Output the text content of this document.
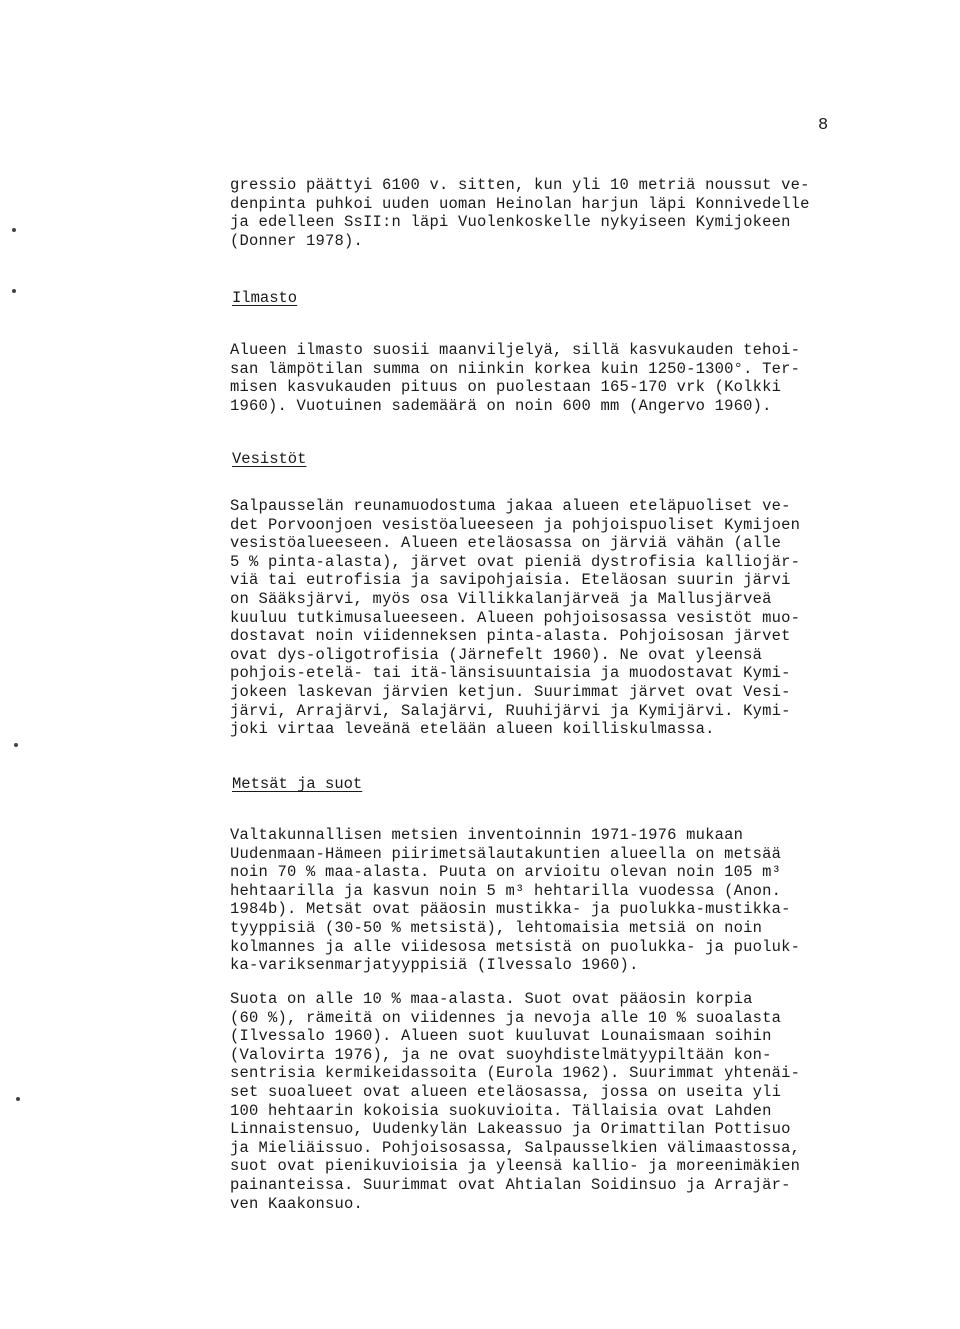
8
gressio päättyi 6100 v. sitten, kun yli 10 metriä noussut ve-
denpinta puhkoi uuden uoman Heinolan harjun läpi Konnivedelle
ja edelleen SsII:n läpi Vuolenkoskelle nykyiseen Kymijokeen
(Donner 1978).
Ilmasto
Alueen ilmasto suosii maanviljelyä, sillä kasvukauden tehoi-
san lämpötilan summa on niinkin korkea kuin 1250-1300°. Ter-
misen kasvukauden pituus on puolestaan 165-170 vrk (Kolkki
1960). Vuotuinen sademäärä on noin 600 mm (Angervo 1960).
Vesistöt
Salpausselän reunamuodostuma jakaa alueen eteläpuoliset ve-
det Porvoonjoen vesistöalueeseen ja pohjoispuoliset Kymijoen
vesistöalueeseen. Alueen eteläosassa on järviä vähän (alle
5 % pinta-alasta), järvet ovat pieniä dystrofisia kalliojär-
viä tai eutrofisia ja savipohjaisia. Eteläosan suurin järvi
on Sääksjärvi, myös osa Villikkalanjärveä ja Mallusjärveä
kuuluu tutkimusalueeseen. Alueen pohjoisosassa vesistöt muo-
dostavat noin viidenneksen pinta-alasta. Pohjoisosan järvet
ovat dys-oligotrofisia (Järnefelt 1960). Ne ovat yleensä
pohjois-etelä- tai itä-länsisuuntaisia ja muodostavat Kymi-
jokeen laskevan järvien ketjun. Suurimmat järvet ovat Vesi-
järvi, Arrajärvi, Salajärvi, Ruuhijärvi ja Kymijärvi. Kymi-
joki virtaa leveänä etelään alueen koilliskulmassa.
Metsät ja suot
Valtakunnallisen metsien inventoinnin 1971-1976 mukaan
Uudenmaan-Hämeen piirimetsälautakuntien alueella on metsää
noin 70 % maa-alasta. Puuta on arvioitu olevan noin 105 m³
hehtaarilla ja kasvun noin 5 m³ hehtarilla vuodessa (Anon.
1984b). Metsät ovat pääosin mustikka- ja puolukka-mustikka-
tyyppisiä (30-50 % metsistä), lehtomaisia metsiä on noin
kolmannes ja alle viidesosa metsistä on puolukka- ja puoluk-
ka-variksenmarjatyyppisiä (Ilvessalo 1960).
Suota on alle 10 % maa-alasta. Suot ovat pääosin korpia
(60 %), rämeitä on viidennes ja nevoja alle 10 % suoalasta
(Ilvessalo 1960). Alueen suot kuuluvat Lounaismaan soihin
(Valovirta 1976), ja ne ovat suoyhdistelmätyypiltään kon-
sentrisia kermikeidassoita (Eurola 1962). Suurimmat yhtenäi-
set suoalueet ovat alueen eteläosassa, jossa on useita yli
100 hehtaarin kokoisia suokuvioita. Tällaisia ovat Lahden
Linnaistensuo, Uudenkylän Lakeassuo ja Orimattilan Pottisuo
ja Mieliäissuo. Pohjoisosassa, Salpausselkien välimaastossa,
suot ovat pienikuvioisia ja yleensä kallio- ja moreenimäkien
painanteissa. Suurimmat ovat Ahtialan Soidinsuo ja Arrajär-
ven Kaakonsuo.
